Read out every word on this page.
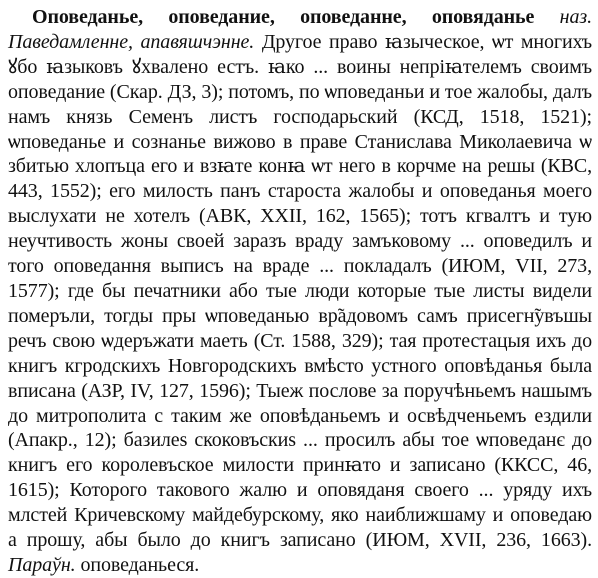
Оповеданье, оповедание, оповеданне, оповяданье наз. Паведамленне, апавяшчэнне. Другое право ꙗзыческое, ѡт многихъ ꙋбо ꙗзыковъ ꙋхвалено естъ. ꙗко ... воины непрiꙗтелемъ своимъ оповедание (Скар. ДЗ, 3); потомъ, по ѡповеданьи и тое жалобы, далъ намъ князь Семенъ листъ господарьский (КСД, 1518, 1521); ѡповеданье и сознанье вижово в праве Станислава Миколаевича ѡ збитью хлопъца его и взꙗте конꙗ ѡт него в корчме на решы (КВС, 443, 1552); его милость панъ староста жалобы и оповеданья моего выслухати не хотелъ (АВК, XXII, 162, 1565); тотъ кгвалтъ и тую неучтивость жоны своей заразъ враду замъковому ... оповедилъ и того оповедання выписъ на враде ... покладалъ (ИЮМ, VII, 273, 1577); где бы печатники або тые люди которые тые листы видели померъли, тогды пры ѡповеданью вр̃адовомъ самъ присегн̃увъшы речъ свою ѡдеръжати маеть (Ст. 1588, 329); тая протестацыя ихъ до книгъ кгродскихъ Новгородскихъ вмѣсто устного оповѣданья была вписана (АЗР, IV, 127, 1596); Тыеж послове за поручѣньемъ нашымъ до митрополита с таким же оповѣданьемъ и освѣдченьемъ ездили (Апакр., 12); базилеѕ скоковъскиѕ ... просилъ абы тое ѡповеданє до книгъ его королевъское милости принꙗто и записано (ККСС, 46, 1615); Которого такового жалю и оповяданя своего ... уряду ихъ млстей Кричевскому майдебурскому, яко наиближшаму и оповедаю а прошу, абы было до книгъ записано (ИЮМ, XVII, 236, 1663). Параўн. оповеданьеся.
